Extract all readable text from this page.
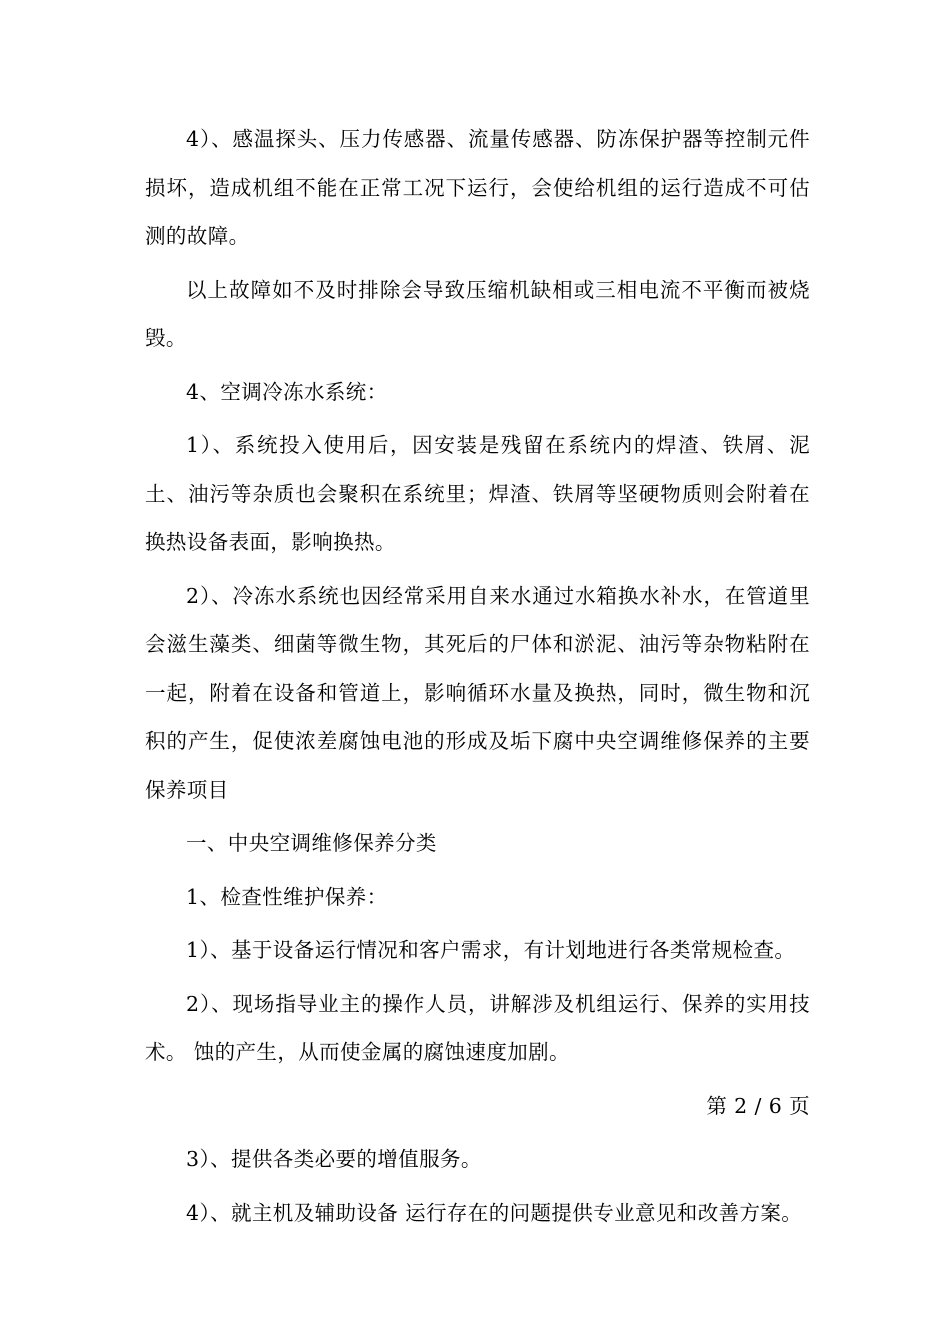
4）、感温探头、压力传感器、流量传感器、防冻保护器等控制元件损坏，造成机组不能在正常工况下运行，会使给机组的运行造成不可估测的故障。

以上故障如不及时排除会导致压缩机缺相或三相电流不平衡而被烧毁。

4、空调冷冻水系统：

1）、系统投入使用后，因安装是残留在系统内的焊渣、铁屑、泥土、油污等杂质也会聚积在系统里；焊渣、铁屑等坚硬物质则会附着在换热设备表面，影响换热。

2）、冷冻水系统也因经常采用自来水通过水箱换水补水，在管道里会滋生藻类、细菌等微生物，其死后的尸体和淤泥、油污等杂物粘附在一起，附着在设备和管道上，影响循环水量及换热，同时，微生物和沉积的产生，促使浓差腐蚀电池的形成及垢下腐中央空调维修保养的主要保养项目

一、中央空调维修保养分类

1、检查性维护保养：

1）、基于设备运行情况和客户需求，有计划地进行各类常规检查。

2）、现场指导业主的操作人员，讲解涉及机组运行、保养的实用技术。 蚀的产生，从而使金属的腐蚀速度加剧。

第 2 / 6 页

3）、提供各类必要的增值服务。

4）、就主机及辅助设备 运行存在的问题提供专业意见和改善方案。
